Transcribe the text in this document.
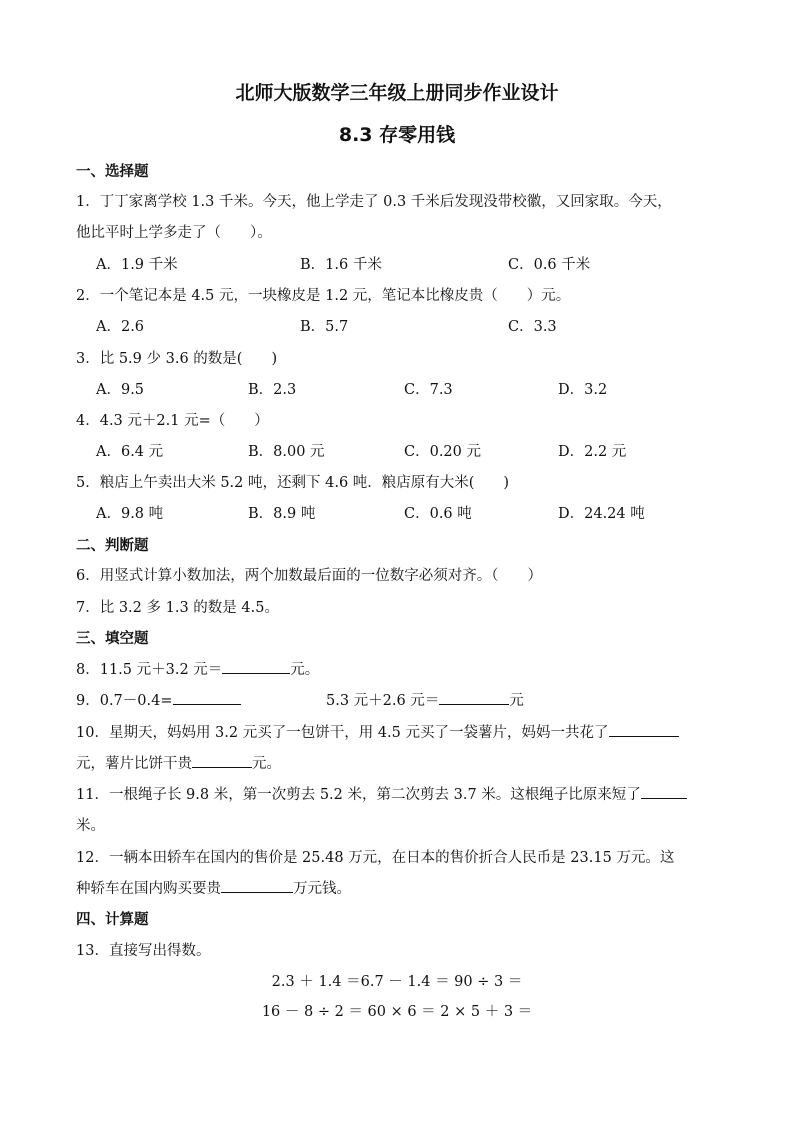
北师大版数学三年级上册同步作业设计
8.3 存零用钱
一、选择题
1．丁丁家离学校 1.3 千米。今天，他上学走了 0.3 千米后发现没带校徽，又回家取。今天，
他比平时上学多走了（　　）。
A．1.9 千米	B．1.6 千米	C．0.6 千米
2．一个笔记本是 4.5 元，一块橡皮是 1.2 元，笔记本比橡皮贵（　　）元。
A．2.6	B．5.7	C．3.3
3．比 5.9 少 3.6 的数是(　　)
A．9.5	B．2.3	C．7.3	D．3.2
4．4.3 元＋2.1 元=（　　）
A．6.4 元	B．8.00 元	C．0.20 元	D．2.2 元
5．粮店上午卖出大米 5.2 吨，还剩下 4.6 吨．粮店原有大米(　　)
A．9.8 吨	B．8.9 吨	C．0.6 吨	D．24.24 吨
二、判断题
6．用竖式计算小数加法，两个加数最后面的一位数字必须对齐。（　　）
7．比 3.2 多 1.3 的数是 4.5。
三、填空题
8．11.5 元＋3.2 元＝	元。
9．0.7－0.4=	5.3 元＋2.6 元＝	元
10．星期天，妈妈用 3.2 元买了一包饼干，用 4.5 元买了一袋薯片，妈妈一共花了
元，薯片比饼干贵	元。
11．一根绳子长 9.8 米，第一次剪去 5.2 米，第二次剪去 3.7 米。这根绳子比原来短了
米。
12．一辆本田轿车在国内的售价是 25.48 万元，在日本的售价折合人民币是 23.15 万元。这
种轿车在国内购买要贵	万元钱。
四、计算题
13．直接写出得数。
2.3 ＋ 1.4 ＝6.7 － 1.4 ＝ 90 ÷ 3 ＝
16 － 8 ÷ 2 ＝ 60 × 6 ＝ 2 × 5 ＋ 3 ＝
